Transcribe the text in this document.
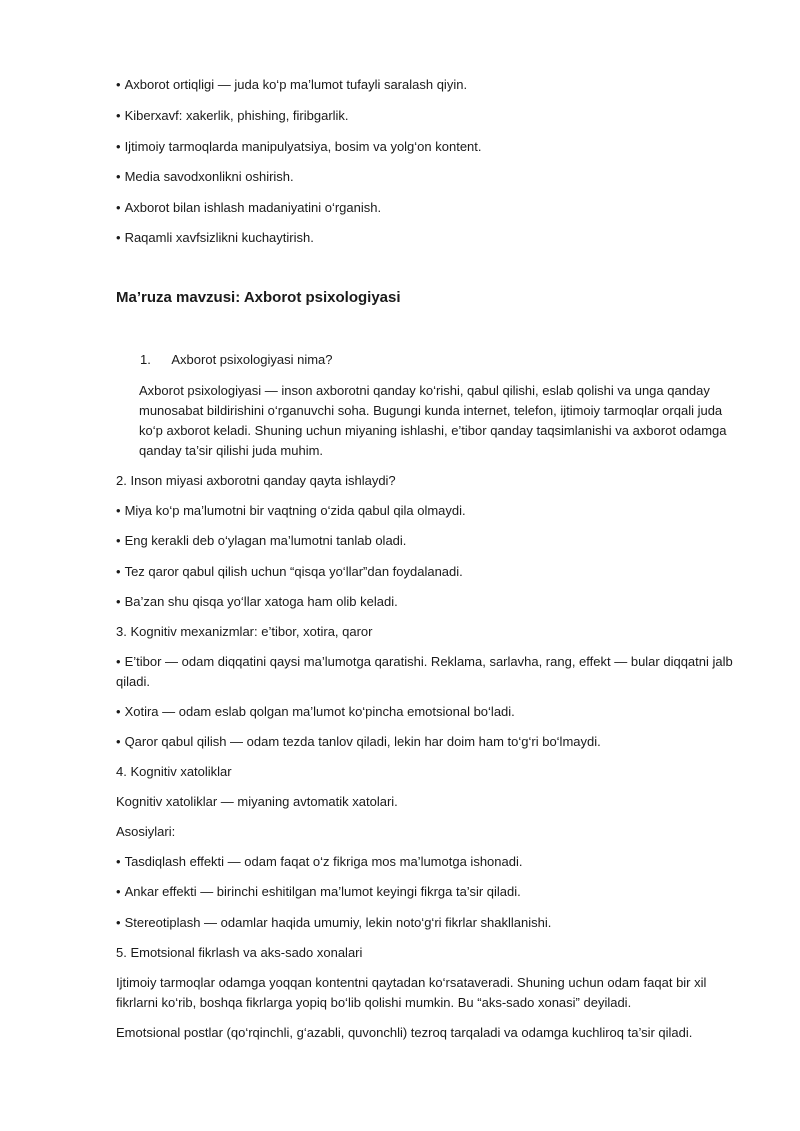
• Axborot ortiqligi — juda ko‘p ma’lumot tufayli saralash qiyin.

• Kiberxavf: xakerlik, phishing, firibgarlik.

• Ijtimoiy tarmoqlarda manipulyatsiya, bosim va yolg‘on kontent.

• Media savodxonlikni oshirish.

• Axborot bilan ishlash madaniyatini o‘rganish.

• Raqamli xavfsizlikni kuchaytirish.

Ma’ruza mavzusi: Axborot psixologiyasi

1. Axborot psixologiyasi nima?

Axborot psixologiyasi — inson axborotni qanday ko‘rishi, qabul qilishi, eslab qolishi va unga qanday munosabat bildirishini o‘rganuvchi soha. Bugungi kunda internet, telefon, ijtimoiy tarmoqlar orqali juda ko‘p axborot keladi. Shuning uchun miyaning ishlashi, e’tibor qanday taqsimlanishi va axborot odamga qanday ta’sir qilishi juda muhim.

2. Inson miyasi axborotni qanday qayta ishlaydi?

• Miya ko‘p ma’lumotni bir vaqtning o‘zida qabul qila olmaydi.

• Eng kerakli deb o‘ylagan ma’lumotni tanlab oladi.

• Tez qaror qabul qilish uchun “qisqa yo‘llar”dan foydalanadi.

• Ba’zan shu qisqa yo‘llar xatoga ham olib keladi.

3. Kognitiv mexanizmlar: e’tibor, xotira, qaror

• E’tibor — odam diqqatini qaysi ma’lumotga qaratishi. Reklama, sarlavha, rang, effekt — bular diqqatni jalb qiladi.

• Xotira — odam eslab qolgan ma’lumot ko‘pincha emotsional bo‘ladi.

• Qaror qabul qilish — odam tezda tanlov qiladi, lekin har doim ham to‘g‘ri bo‘lmaydi.

4. Kognitiv xatoliklar

Kognitiv xatoliklar — miyaning avtomatik xatolari.

Asosiylari:

• Tasdiqlash effekti — odam faqat o‘z fikriga mos ma’lumotga ishonadi.

• Ankar effekti — birinchi eshitilgan ma’lumot keyingi fikrga ta’sir qiladi.

• Stereotiplash — odamlar haqida umumiy, lekin noto‘g‘ri fikrlar shakllanishi.

5. Emotsional fikrlash va aks-sado xonalari

Ijtimoiy tarmoqlar odamga yoqqan kontentni qaytadan ko‘rsataveradi. Shuning uchun odam faqat bir xil fikrlarni ko‘rib, boshqa fikrlarga yopiq bo‘lib qolishi mumkin. Bu “aks-sado xonasi” deyiladi.

Emotsional postlar (qo‘rqinchli, g‘azabli, quvonchli) tezroq tarqaladi va odamga kuchliroq ta’sir qiladi.
